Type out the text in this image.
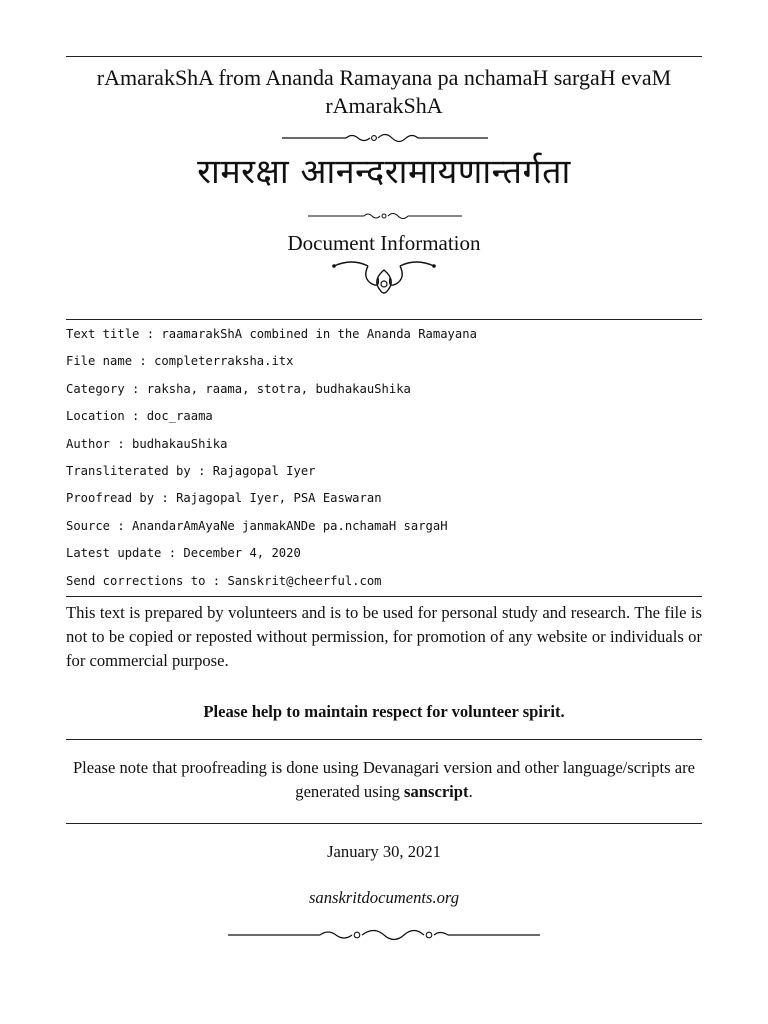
rAmarakShA from Ananda Ramayana pa nchamaH sargaH evaM rAmarakShA
रामरक्षा आनन्दरामायणान्तर्गता
Document Information
Text title : raamarakShA combined in the Ananda Ramayana
File name : completerraksha.itx
Category : raksha, raama, stotra, budhakauShika
Location : doc_raama
Author : budhakauShika
Transliterated by : Rajagopal Iyer
Proofread by : Rajagopal Iyer, PSA Easwaran
Source : AnandarAmAyaNe janmakANDe pa.nchamaH sargaH
Latest update : December 4, 2020
Send corrections to : Sanskrit@cheerful.com
This text is prepared by volunteers and is to be used for personal study and research. The file is not to be copied or reposted without permission, for promotion of any website or individuals or for commercial purpose.
Please help to maintain respect for volunteer spirit.
Please note that proofreading is done using Devanagari version and other language/scripts are generated using sanscript.
January 30, 2021
sanskritdocuments.org
